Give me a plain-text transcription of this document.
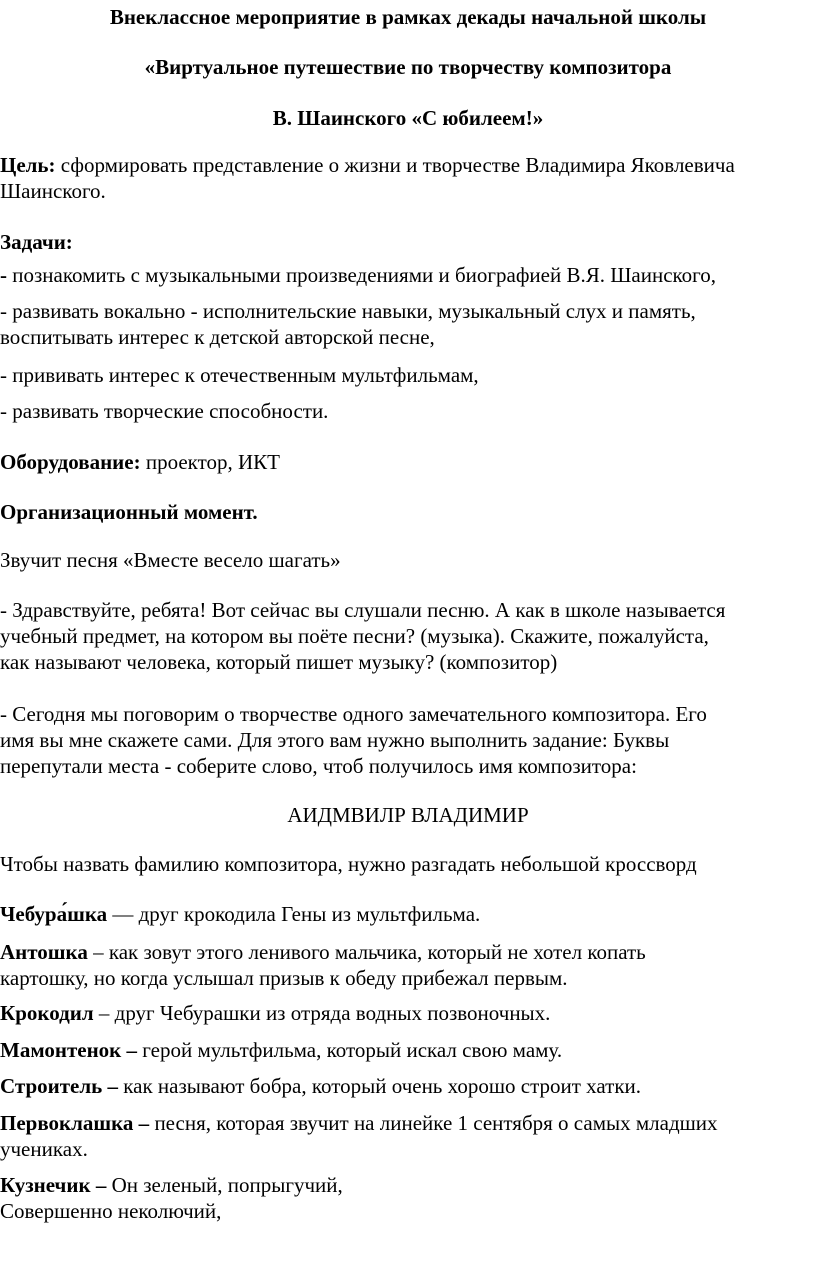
Внеклассное мероприятие в рамках декады начальной школы
«Виртуальное путешествие по творчеству композитора
В. Шаинского «С юбилеем!»
Цель: сформировать представление о жизни и творчестве Владимира Яковлевича
Шаинского.
Задачи:
- познакомить с музыкальными произведениями и биографией В.Я. Шаинского,
- развивать вокально - исполнительские навыки, музыкальный слух и память,
воспитывать интерес к детской авторской песне,
- прививать интерес к отечественным мультфильмам,
- развивать творческие способности.
Оборудование: проектор, ИКТ
Организационный момент.
Звучит песня «Вместе весело шагать»
- Здравствуйте, ребята! Вот сейчас вы слушали песню. А как в школе называется
учебный предмет, на котором вы поёте песни? (музыка). Скажите, пожалуйста,
как называют человека, который пишет музыку? (композитор)
- Сегодня мы поговорим о творчестве одного замечательного композитора. Его
имя вы мне скажете сами. Для этого вам нужно выполнить задание: Буквы
перепутали места - соберите слово, чтоб получилось имя композитора:
АИДМВИЛР ВЛАДИМИР
Чтобы назвать фамилию композитора, нужно разгадать небольшой кроссворд
Чебура́шка — друг крокодила Гены из мультфильма.
Антошка – как зовут этого ленивого мальчика, который не хотел копать
картошку, но когда услышал призыв к обеду прибежал первым.
Крокодил – друг Чебурашки из отряда водных позвоночных.
Мамонтенок – герой мультфильма, который искал свою маму.
Строитель – как называют бобра, который очень хорошо строит хатки.
Первоклашка – песня, которая звучит на линейке 1 сентября о самых младших
учениках.
Кузнечик – Он зеленый, попрыгучий,
Совершенно неколючий,
